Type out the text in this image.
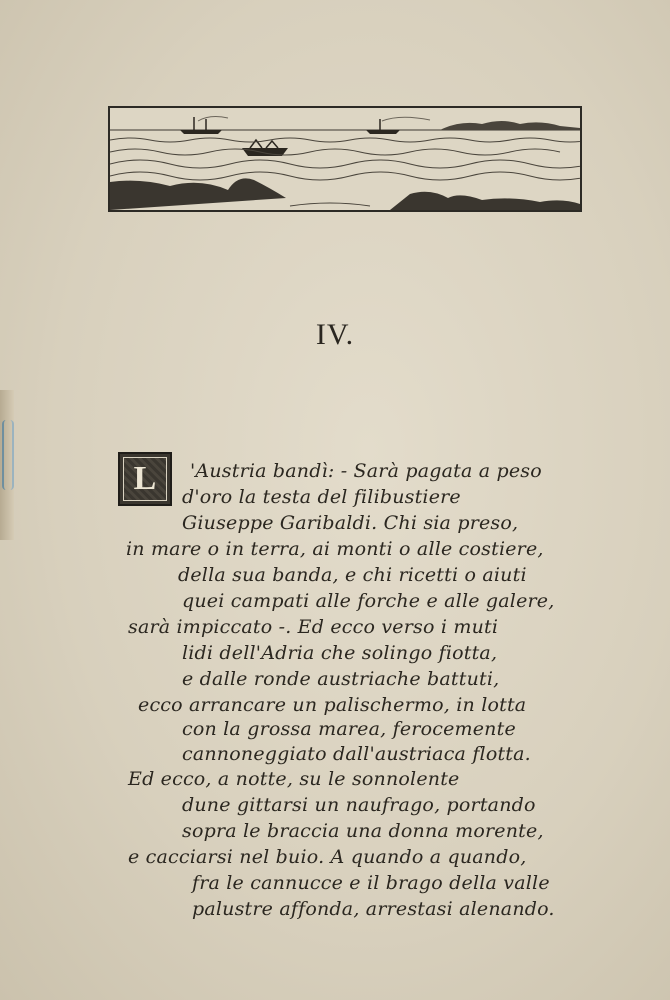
IV.
L 'Austria bandì: - Sarà pagata a peso
d'oro la testa del filibustiere
Giuseppe Garibaldi. Chi sia preso,
in mare o in terra, ai monti o alle costiere,
della sua banda, e chi ricetti o aiuti
quei campati alle forche e alle galere,
sarà impiccato -. Ed ecco verso i muti
lidi dell'Adria che solingo fiotta,
e dalle ronde austriache battuti,
ecco arrancare un palischermo, in lotta
con la grossa marea, ferocemente
cannoneggiato dall'austriaca flotta.
Ed ecco, a notte, su le sonnolente
dune gittarsi un naufrago, portando
sopra le braccia una donna morente,
e cacciarsi nel buio. A quando a quando,
fra le cannucce e il brago della valle
palustre affonda, arrestasi alenando.
